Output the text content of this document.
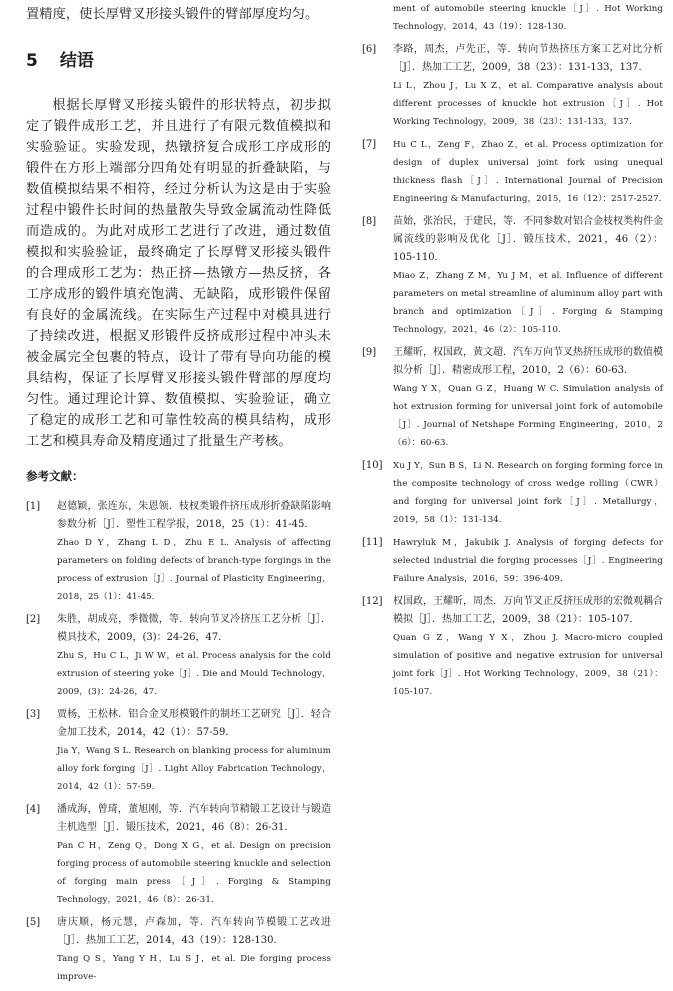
置精度，使长厚臂叉形接头锻件的臂部厚度均匀。

5 结语

根据长厚臂叉形接头锻件的形状特点，初步拟定了锻件成形工艺，并且进行了有限元数值模拟和实验验证。实验发现，热镦挤复合成形工序成形的锻件在方形上端部分四角处有明显的折叠缺陷，与数值模拟结果不相符，经过分析认为这是由于实验过程中锻件长时间的热量散失导致金属流动性降低而造成的。为此对成形工艺进行了改进，通过数值模拟和实验验证，最终确定了长厚臂叉形接头锻件的合理成形工艺为：热正挤—热镦方—热反挤，各工序成形的锻件填充饱满、无缺陷，成形锻件保留有良好的金属流线。在实际生产过程中对模具进行了持续改进，根据叉形锻件反挤成形过程中冲头未被金属完全包裹的特点，设计了带有导向功能的模具结构，保证了长厚臂叉形接头锻件臂部的厚度均匀性。通过理论计算、数值模拟、实验验证，确立了稳定的成形工艺和可靠性较高的模具结构，成形工艺和模具寿命及精度通过了批量生产考核。

参考文献：
[1] 赵德颖，张连东，朱恩领．枝杈类锻件挤压成形折叠缺陷影响参数分析［J］．塑性工程学报，2018，25（1）：41-45．
Zhao D Y，Zhang L D，Zhu E L. Analysis of affecting parameters on folding defects of branch-type forgings in the process of extrusion［J］. Journal of Plasticity Engineering，2018，25（1）：41-45.
[2] 朱胜，胡成亮，季微微，等．转向节叉冷挤压工艺分析［J］．模具技术，2009，(3)：24-26，47．
Zhu S，Hu C L，Ji W W，et al. Process analysis for the cold extrusion of steering yoke［J］. Die and Mould Technology，2009，(3)：24-26，47.
[3] 贾杨，王松林．铝合金叉形模锻件的制坯工艺研究［J］．轻合金加工技术，2014，42（1）：57-59．
Jia Y，Wang S L. Research on blanking process for aluminum alloy fork forging［J］. Light Alloy Fabrication Technology，2014，42（1）：57-59.
[4] 潘成海，曾琦，董旭刚，等．汽车转向节精锻工艺设计与锻造主机选型［J］．锻压技术，2021，46（8）：26-31．
Pan C H，Zeng Q，Dong X G，et al. Design on precision forging process of automobile steering knuckle and selection of forging main press［J］. Forging & Stamping Technology，2021，46（8）：26-31.
[5] 唐庆顺，杨元慧，卢森加，等．汽车转向节模锻工艺改进［J］．热加工工艺，2014，43（19）：128-130．
Tang Q S，Yang Y H，Lu S J，et al. Die forging process improve-
ment of automobile steering knuckle［J］. Hot Working Technology，2014，43（19）：128-130.
[6] 李路，周杰，卢先正，等．转向节热挤压方案工艺对比分析［J］．热加工工艺，2009，38（23）：131-133，137．
Li L，Zhou J，Lu X Z，et al. Comparative analysis about different processes of knuckle hot extrusion［J］. Hot Working Technology，2009，38（23）：131-133，137.
[7] Hu C L，Zeng F，Zhao Z，et al. Process optimization for design of duplex universal joint fork using unequal thickness flash［J］. International Journal of Precision Engineering & Manufacturing，2015，16（12）：2517-2527.
[8] 苗始，张治民，于建民，等．不同参数对铝合金枝杈类构件金属流线的影响及优化［J］．锻压技术，2021，46（2）：105-110．
Miao Z，Zhang Z M，Yu J M，et al. Influence of different parameters on metal streamline of aluminum alloy part with branch and optimization［J］. Forging & Stamping Technology，2021，46（2）：105-110.
[9] 王耀昕，权国政，黄文超．汽车万向节叉热挤压成形的数值模拟分析［J］．精密成形工程，2010，2（6）：60-63．
Wang Y X，Quan G Z，Huang W C. Simulation analysis of hot extrusion forming for universal joint fork of automobile［J］. Journal of Netshape Forming Engineering，2010，2（6）：60-63.
[10] Xu J Y，Sun B S，Li N. Research on forging forming force in the composite technology of cross wedge rolling（CWR）and forging for universal joint fork［J］. Metallurgy，2019，58（1）：131-134.
[11] Hawryluk M，Jakubik J. Analysis of forging defects for selected industrial die forging processes［J］. Engineering Failure Analysis，2016，59：396-409.
[12] 权国政，王耀昕，周杰．万向节叉正反挤压成形的宏微观耦合模拟［J］．热加工工艺，2009，38（21）：105-107．
Quan G Z，Wang Y X，Zhou J. Macro-micro coupled simulation of positive and negative extrusion for universal joint fork［J］. Hot Working Technology，2009，38（21）：105-107.
